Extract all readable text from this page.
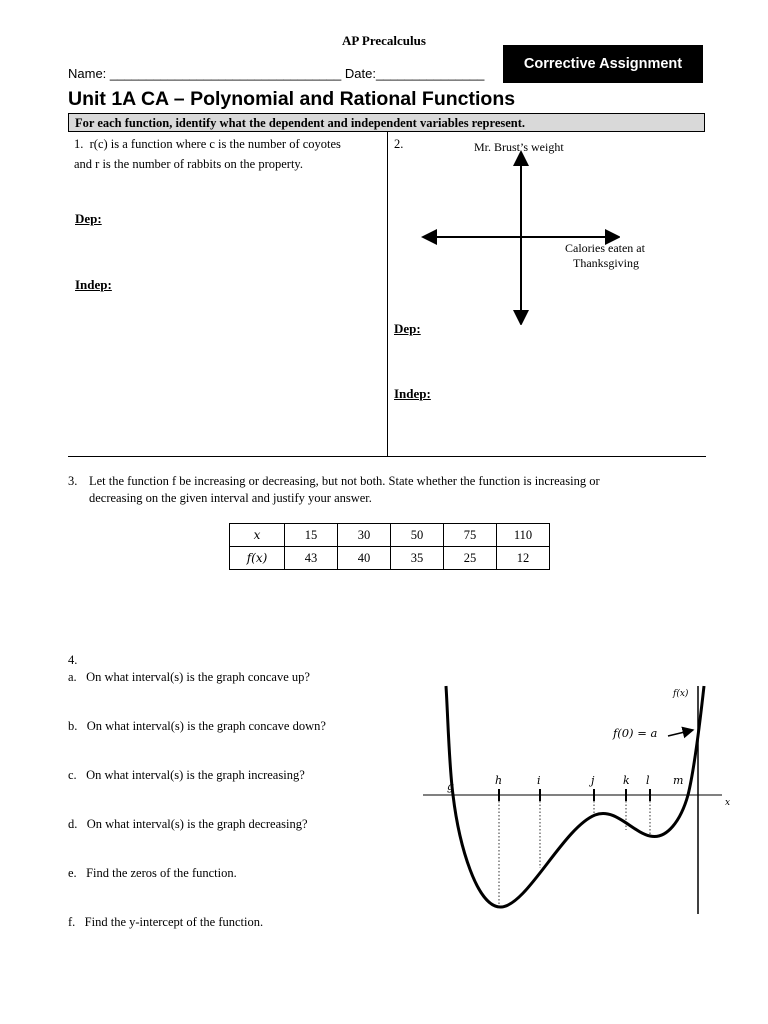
AP Precalculus
Name: ________________________________ Date:_______________
Corrective Assignment
Unit 1A CA – Polynomial and Rational Functions
For each function, identify what the dependent and independent variables represent.
1. r(c) is a function where c is the number of coyotes
and r is the number of rabbits on the property.
Dep:
Indep:
2.	Mr. Brust’s weight
Calories eaten at
Thanksgiving
Dep:
Indep:
3. Let the function f be increasing or decreasing, but not both. State whether the function is increasing or
decreasing on the given interval and justify your answer.
x	15	30	50	75	110
f(x)	43	40	35	25	12
4.
a. On what interval(s) is the graph concave up?
b. On what interval(s) is the graph concave down?
c. On what interval(s) is the graph increasing?
d. On what interval(s) is the graph decreasing?
e. Find the zeros of the function.
f. Find the y-intercept of the function.
g	h	i	j	k l m
f(0) = a
f(x)
x
